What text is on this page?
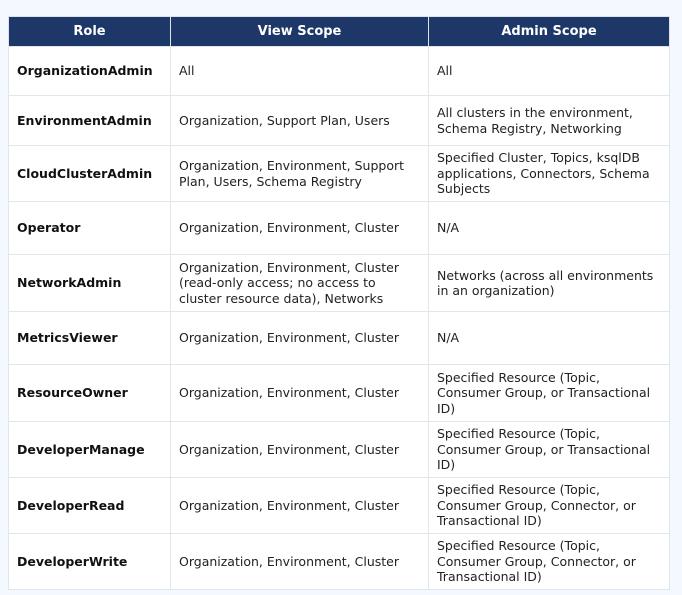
Role	View Scope	Admin Scope
OrganizationAdmin	All	All
EnvironmentAdmin	Organization, Support Plan, Users	All clusters in the environment, Schema Registry, Networking
CloudClusterAdmin	Organization, Environment, Support Plan, Users, Schema Registry	Specified Cluster, Topics, ksqlDB applications, Connectors, Schema Subjects
Operator	Organization, Environment, Cluster	N/A
NetworkAdmin	Organization, Environment, Cluster (read-only access; no access to cluster resource data), Networks	Networks (across all environments in an organization)
MetricsViewer	Organization, Environment, Cluster	N/A
ResourceOwner	Organization, Environment, Cluster	Specified Resource (Topic, Consumer Group, or Transactional ID)
DeveloperManage	Organization, Environment, Cluster	Specified Resource (Topic, Consumer Group, or Transactional ID)
DeveloperRead	Organization, Environment, Cluster	Specified Resource (Topic, Consumer Group, Connector, or Transactional ID)
DeveloperWrite	Organization, Environment, Cluster	Specified Resource (Topic, Consumer Group, Connector, or Transactional ID)
